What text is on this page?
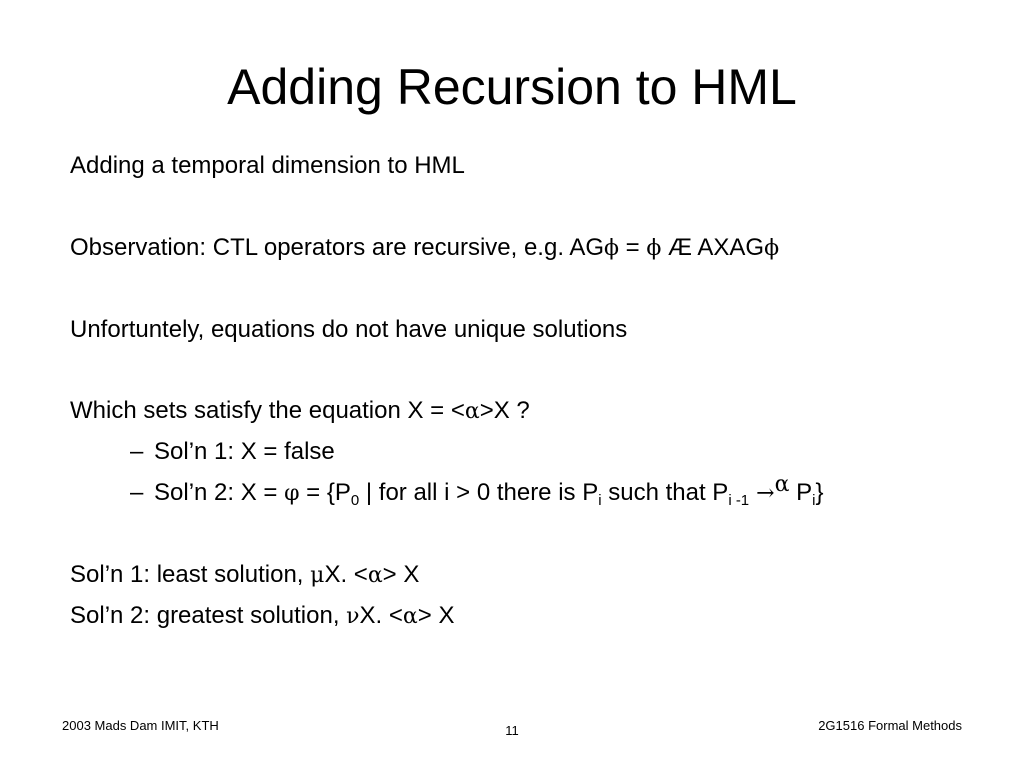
Adding Recursion to HML
Adding a temporal dimension to HML
Observation: CTL operators are recursive, e.g. AGϕ = ϕ Æ AXAGϕ
Unfortuntely, equations do not have unique solutions
Which sets satisfy the equation X = <α>X ?
– Sol’n 1: X = false
– Sol’n 2: $X = \varphi = \{P_0$ | for all i > 0 there is $P_i$ such that $P_{i -1} \to^\alpha$ $P_i$}
Sol’n 1: least solution, μX. <α> X
Sol’n 2: greatest solution, νX. <α> X
2003 Mads Dam IMIT, KTH	11	2G1516 Formal Methods
